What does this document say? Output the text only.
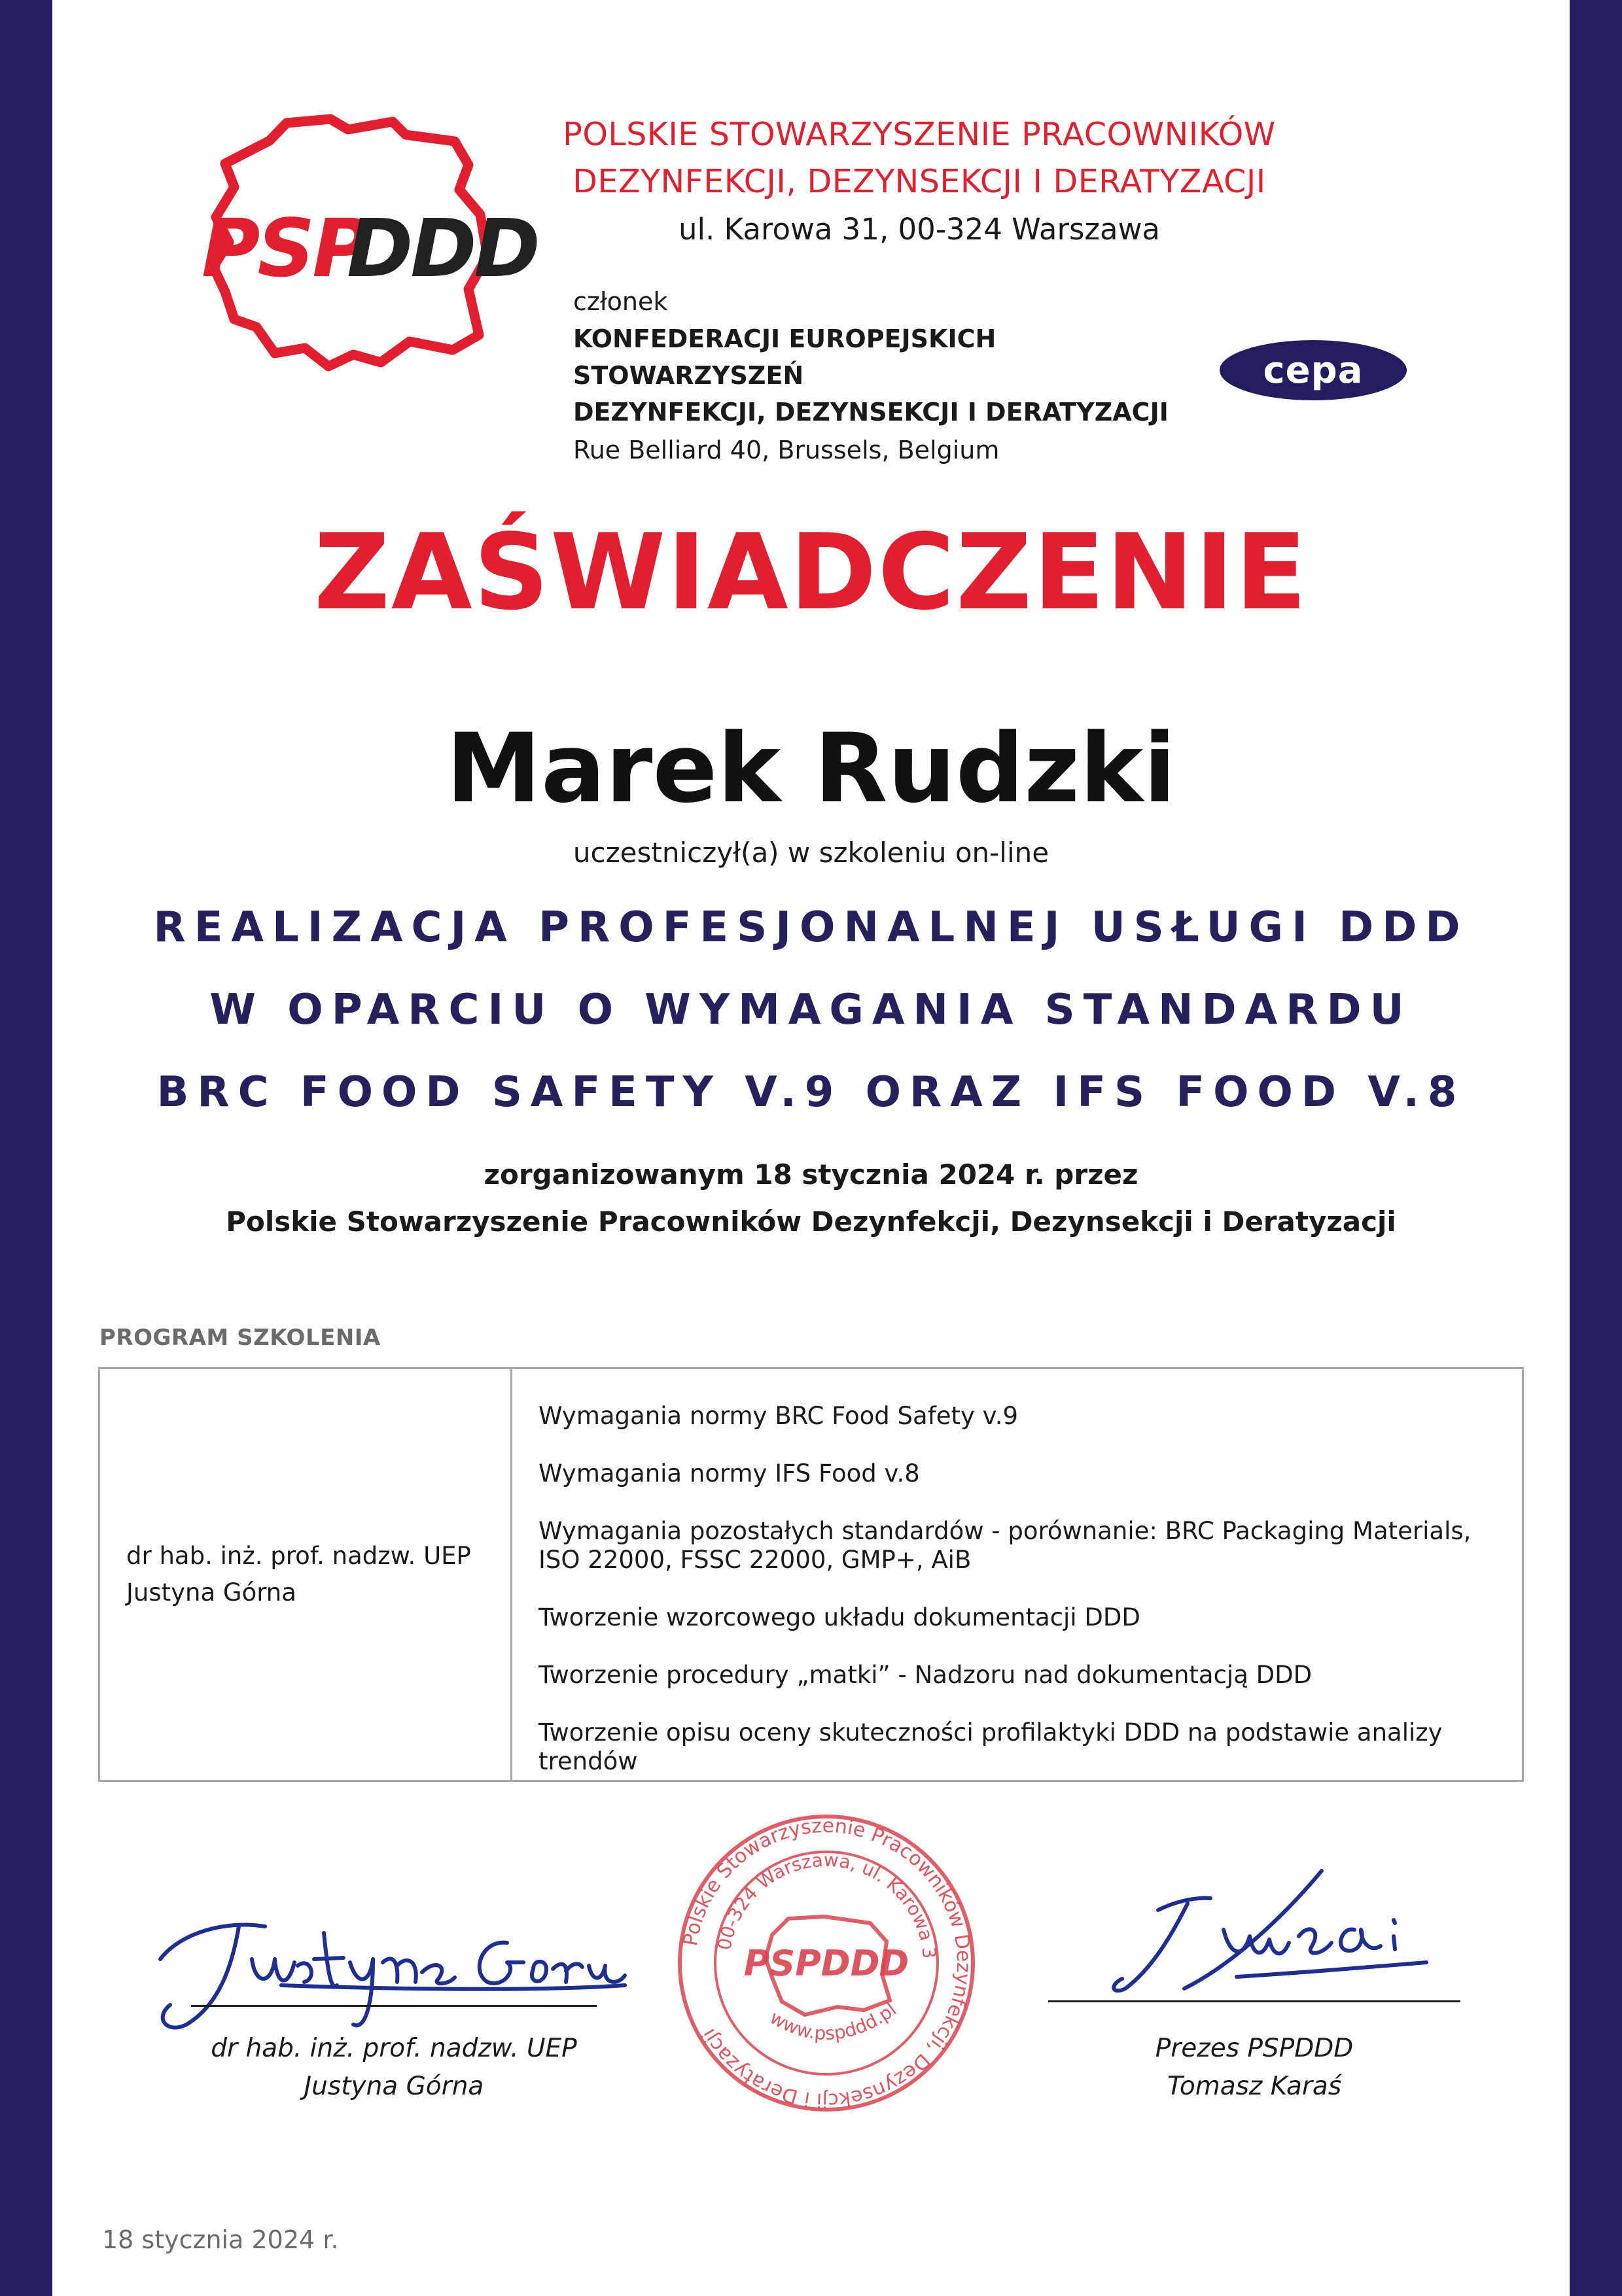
PSP
DDD
POLSKIE STOWARZYSZENIE PRACOWNIKÓW
DEZYNFEKCJI, DEZYNSEKCJI I DERATYZACJI
ul. Karowa 31, 00-324 Warszawa
członek
KONFEDERACJI EUROPEJSKICH STOWARZYSZEŃ
DEZYNFEKCJI, DEZYNSEKCJI I DERATYZACJI
Rue Belliard 40, Brussels, Belgium
cepa
ZAŚWIADCZENIE
Marek Rudzki
uczestniczył(a) w szkoleniu on-line
REALIZACJA PROFESJONALNEJ USŁUGI DDD
W OPARCIU O WYMAGANIA STANDARDU
BRC FOOD SAFETY V.9 ORAZ IFS FOOD V.8
zorganizowanym 18 stycznia 2024 r. przez
Polskie Stowarzyszenie Pracowników Dezynfekcji, Dezynsekcji i Deratyzacji
PROGRAM SZKOLENIA
dr hab. inż. prof. nadzw. UEP
Justyna Górna
Wymagania normy BRC Food Safety v.9
Wymagania normy IFS Food v.8
Wymagania pozostałych standardów - porównanie: BRC Packaging Materials,
ISO 22000, FSSC 22000, GMP+, AiB
Tworzenie wzorcowego układu dokumentacji DDD
Tworzenie procedury „matki” - Nadzoru nad dokumentacją DDD
Tworzenie opisu oceny skuteczności profilaktyki DDD na podstawie analizy trendów
dr hab. inż. prof. nadzw. UEP
Justyna Górna
Polskie Stowarzyszenie Pracowników Dezynfekcji, Dezynsekcji i Deratyzacji
00-324 Warszawa, ul. Karowa 3
www.pspddd.pl
PSPDDD
Prezes PSPDDD
Tomasz Karaś
18 stycznia 2024 r.
